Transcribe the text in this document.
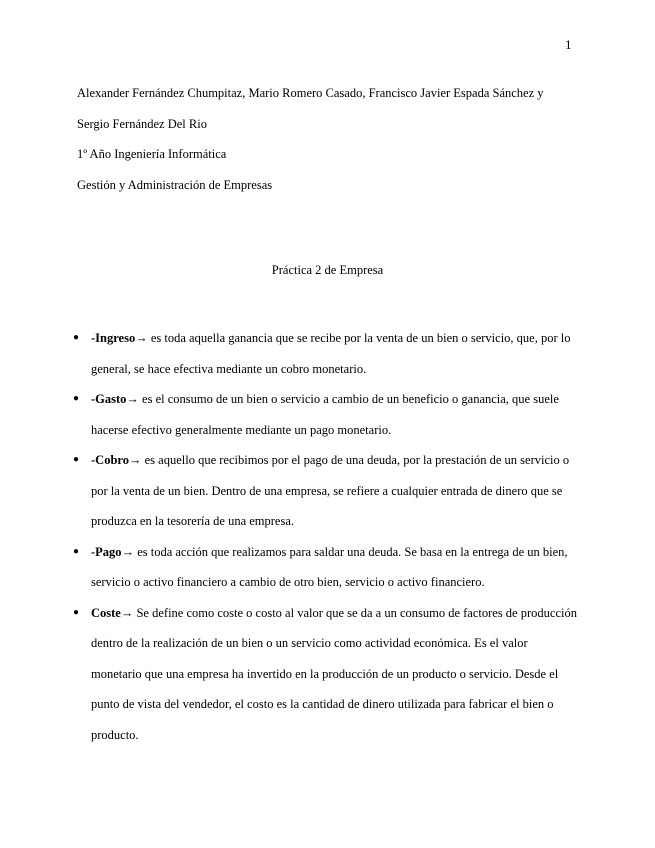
1
Alexander Fernández Chumpitaz, Mario Romero Casado, Francisco Javier Espada Sánchez y
Sergio Fernández Del Rio
1º Año Ingeniería Informática
Gestión y Administración de Empresas
Práctica 2 de Empresa
● -Ingreso→ es toda aquella ganancia que se recibe por la venta de un bien o servicio, que, por lo general, se hace efectiva mediante un cobro monetario.
● -Gasto→ es el consumo de un bien o servicio a cambio de un beneficio o ganancia, que suele hacerse efectivo generalmente mediante un pago monetario.
● -Cobro→ es aquello que recibimos por el pago de una deuda, por la prestación de un servicio o por la venta de un bien. Dentro de una empresa, se refiere a cualquier entrada de dinero que se produzca en la tesorería de una empresa.
● -Pago→ es toda acción que realizamos para saldar una deuda. Se basa en la entrega de un bien, servicio o activo financiero a cambio de otro bien, servicio o activo financiero.
● Coste→ Se define como coste o costo al valor que se da a un consumo de factores de producción dentro de la realización de un bien o un servicio como actividad económica. Es el valor monetario que una empresa ha invertido en la producción de un producto o servicio. Desde el punto de vista del vendedor, el costo es la cantidad de dinero utilizada para fabricar el bien o producto.
